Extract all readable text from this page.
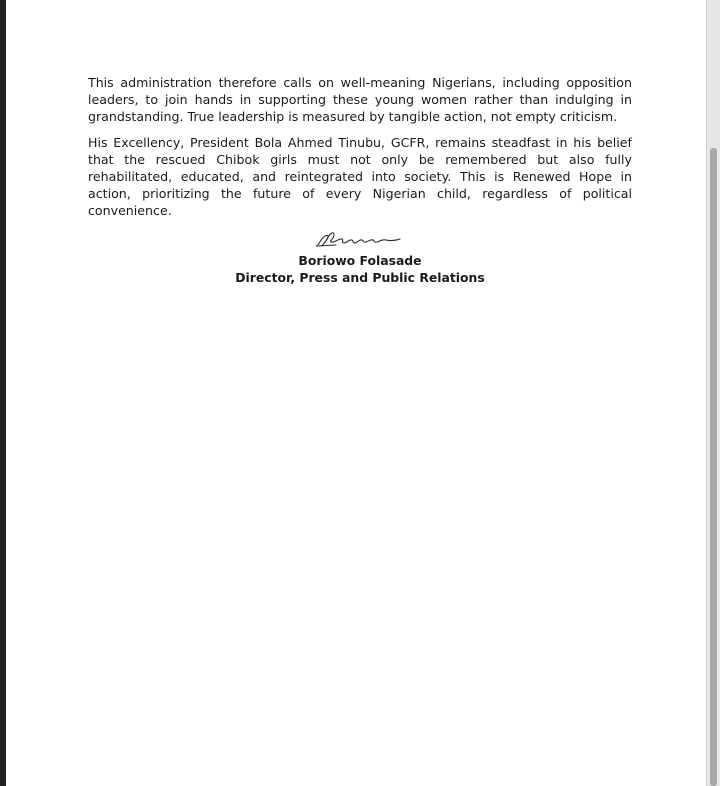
This administration therefore calls on well-meaning Nigerians, including opposition leaders, to join hands in supporting these young women rather than indulging in grandstanding. True leadership is measured by tangible action, not empty criticism.

His Excellency, President Bola Ahmed Tinubu, GCFR, remains steadfast in his belief that the rescued Chibok girls must not only be remembered but also fully rehabilitated, educated, and reintegrated into society. This is Renewed Hope in action, prioritizing the future of every Nigerian child, regardless of political convenience.

Boriowo Folasade
Director, Press and Public Relations
